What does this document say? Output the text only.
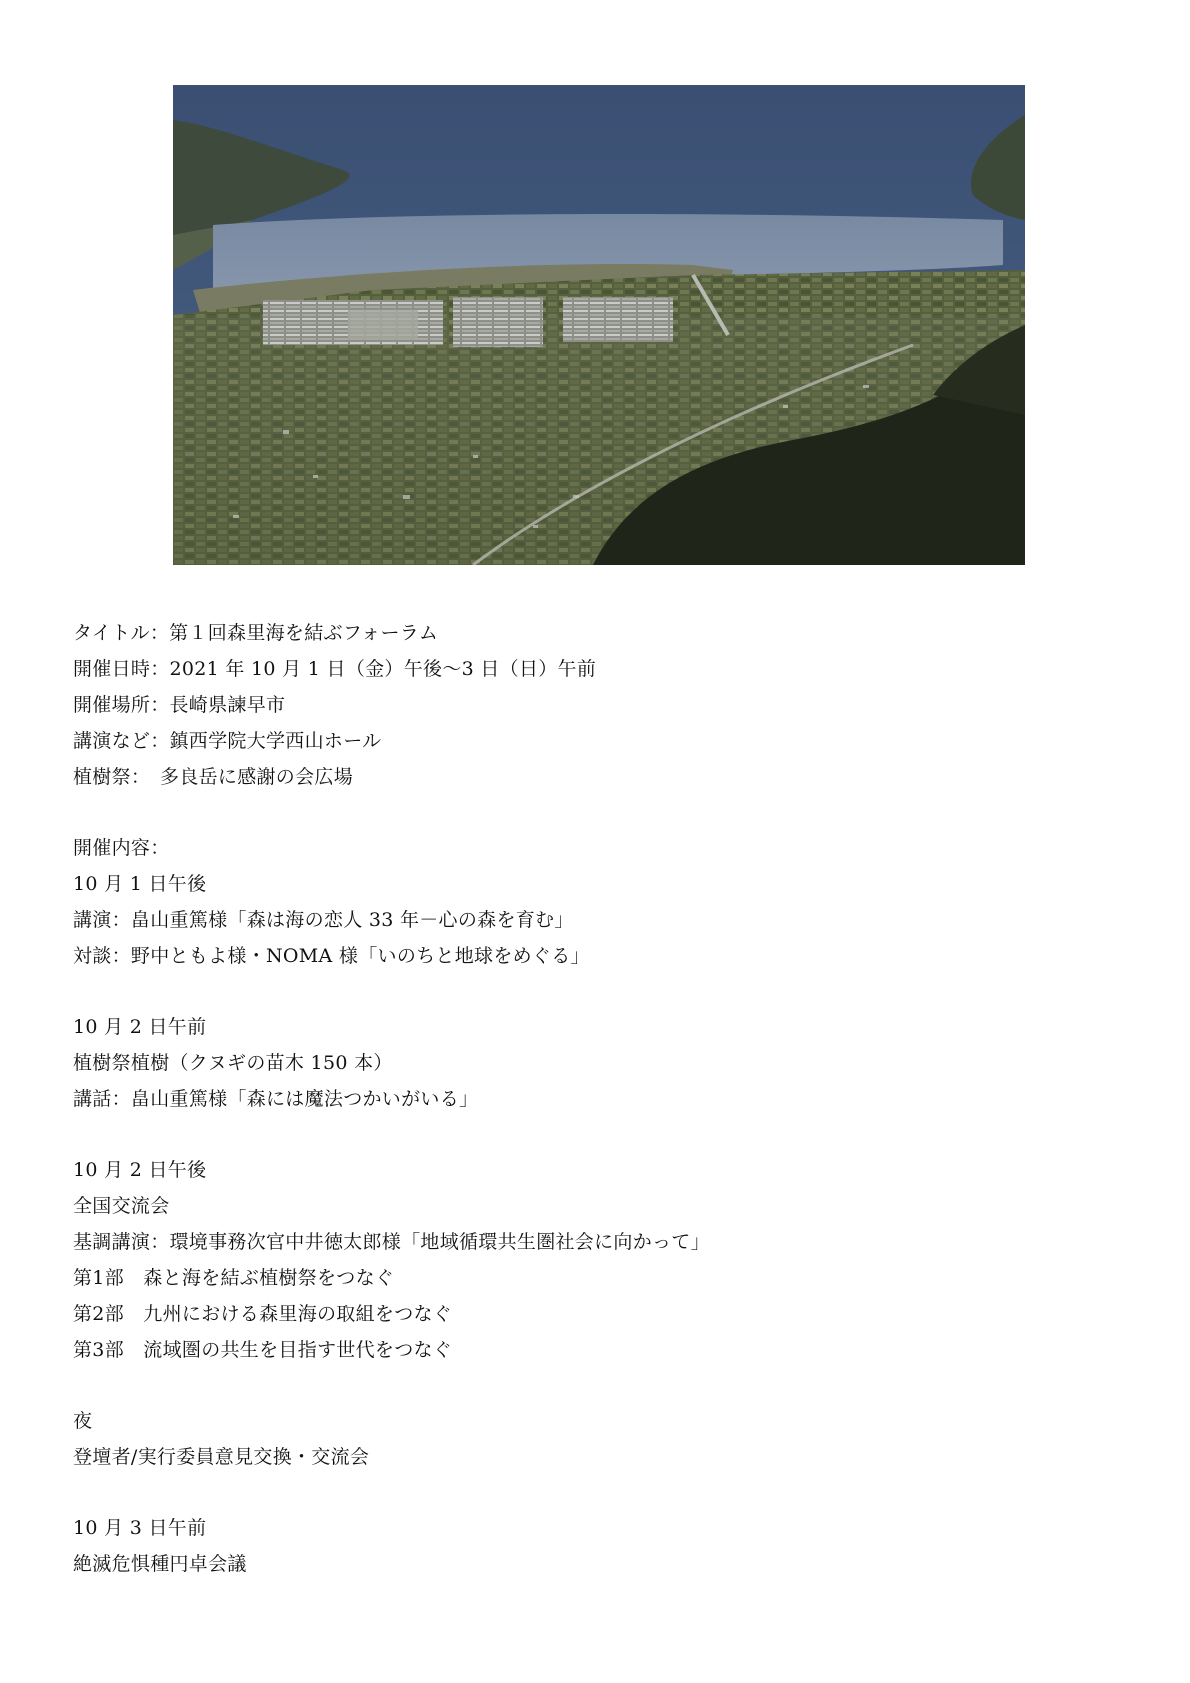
タイトル：第１回森里海を結ぶフォーラム
開催日時：2021 年 10 月 1 日（金）午後〜3 日（日）午前
開催場所：長崎県諫早市
講演など：鎮西学院大学西山ホール
植樹祭：　多良岳に感謝の会広場
開催内容：
10 月 1 日午後
講演：畠山重篤様「森は海の恋人 33 年－心の森を育む」
対談：野中ともよ様・NOMA 様「いのちと地球をめぐる」
10 月 2 日午前
植樹祭植樹（クヌギの苗木 150 本）
講話：畠山重篤様「森には魔法つかいがいる」
10 月 2 日午後
全国交流会
基調講演：環境事務次官中井徳太郎様「地域循環共生圏社会に向かって」
第1部　森と海を結ぶ植樹祭をつなぐ
第2部　九州における森里海の取組をつなぐ
第3部　流域圏の共生を目指す世代をつなぐ
夜
登壇者/実行委員意見交換・交流会
10 月 3 日午前
絶滅危惧種円卓会議
